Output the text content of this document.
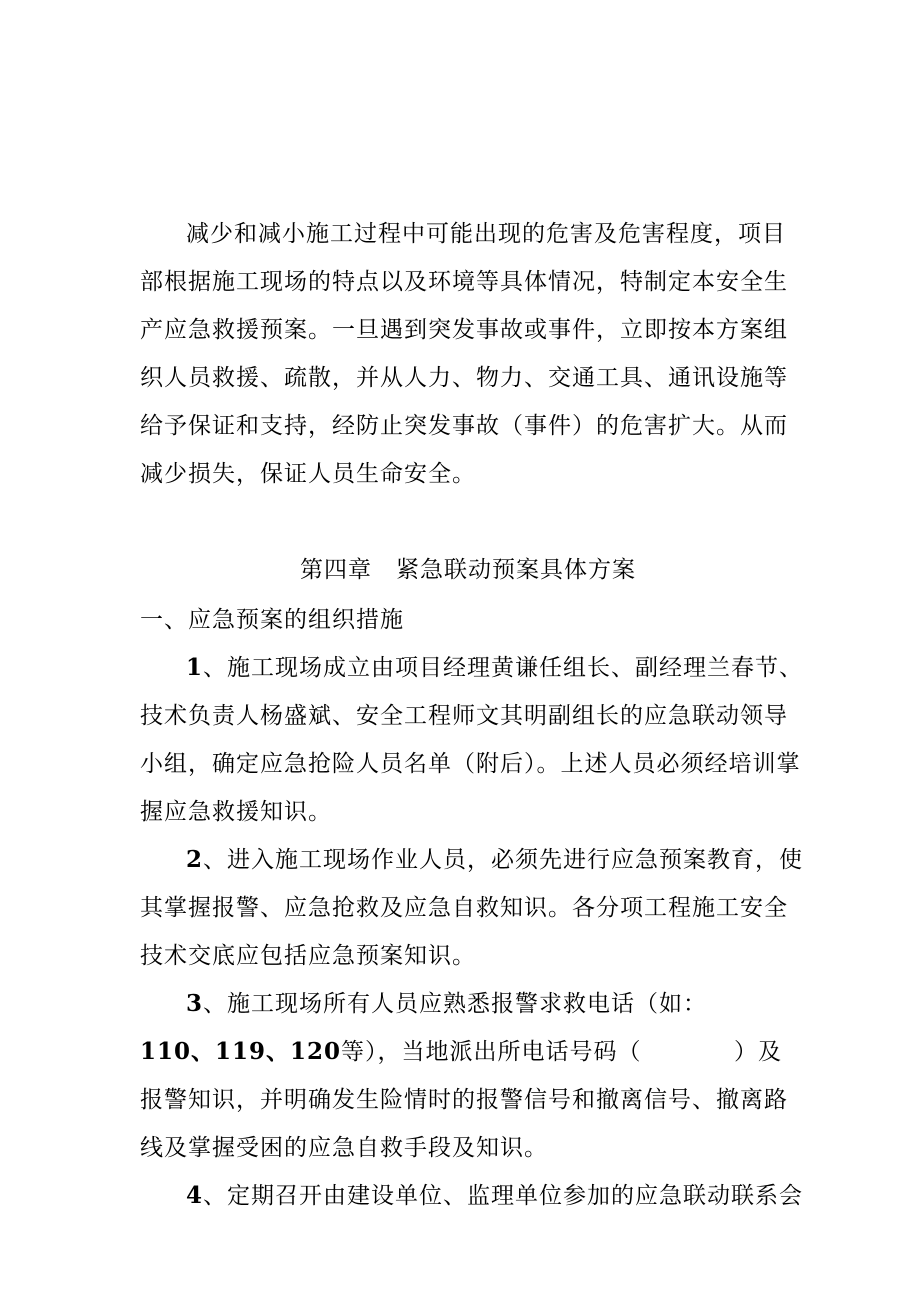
减少和减小施工过程中可能出现的危害及危害程度，项目
部根据施工现场的特点以及环境等具体情况，特制定本安全生
产应急救援预案。一旦遇到突发事故或事件，立即按本方案组
织人员救援、疏散，并从人力、物力、交通工具、通讯设施等
给予保证和支持，经防止突发事故（事件）的危害扩大。从而
减少损失，保证人员生命安全。
第四章　紧急联动预案具体方案
一、应急预案的组织措施
1、施工现场成立由项目经理黄谦任组长、副经理兰春节、
技术负责人杨盛斌、安全工程师文其明副组长的应急联动领导
小组，确定应急抢险人员名单（附后）。上述人员必须经培训掌
握应急救援知识。
2、进入施工现场作业人员，必须先进行应急预案教育，使
其掌握报警、应急抢救及应急自救知识。各分项工程施工安全
技术交底应包括应急预案知识。
3、施工现场所有人员应熟悉报警求救电话（如：
110、119、120等），当地派出所电话号码（	）及
报警知识，并明确发生险情时的报警信号和撤离信号、撤离路
线及掌握受困的应急自救手段及知识。
4、定期召开由建设单位、监理单位参加的应急联动联系会
